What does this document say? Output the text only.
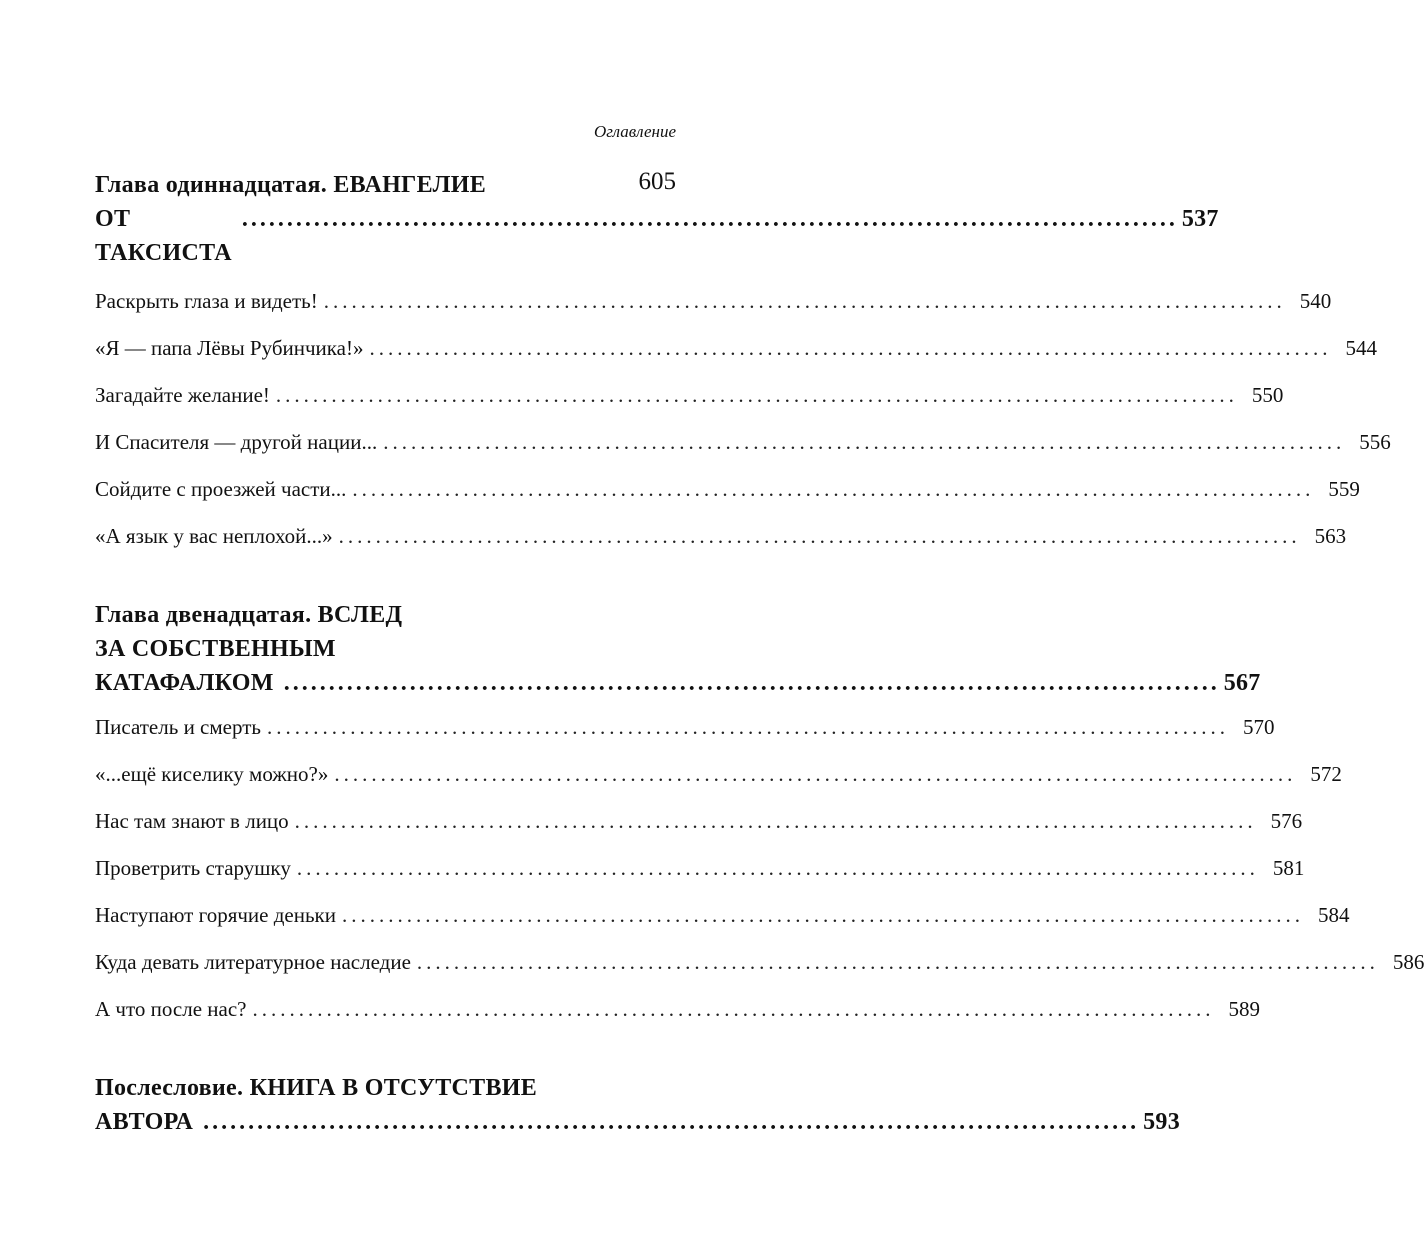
Оглавление
605
Глава одиннадцатая. ЕВАНГЕЛИЕ
ОТ ТАКСИСТА
........................................................................................................ 537
Раскрыть глаза и видеть! ........................................................................................................ 540
«Я — папа Лёвы Рубинчика!» ........................................................................................................ 544
Загадайте желание! ........................................................................................................ 550
И Спасителя — другой нации... ........................................................................................................ 556
Сойдите с проезжей части... ........................................................................................................ 559
«А язык у вас неплохой...» ........................................................................................................ 563
Глава двенадцатая. ВСЛЕД
ЗА СОБСТВЕННЫМ
КАТАФАЛКОМ ........................................................................................................ 567
Писатель и смерть ........................................................................................................ 570
«...ещё киселику можно?» ........................................................................................................ 572
Нас там знают в лицо ........................................................................................................ 576
Проветрить старушку ........................................................................................................ 581
Наступают горячие деньки ........................................................................................................ 584
Куда девать литературное наследие ........................................................................................................ 586
А что после нас? ........................................................................................................ 589
Послесловие. КНИГА В ОТСУТСТВИЕ
АВТОРА ........................................................................................................ 593
